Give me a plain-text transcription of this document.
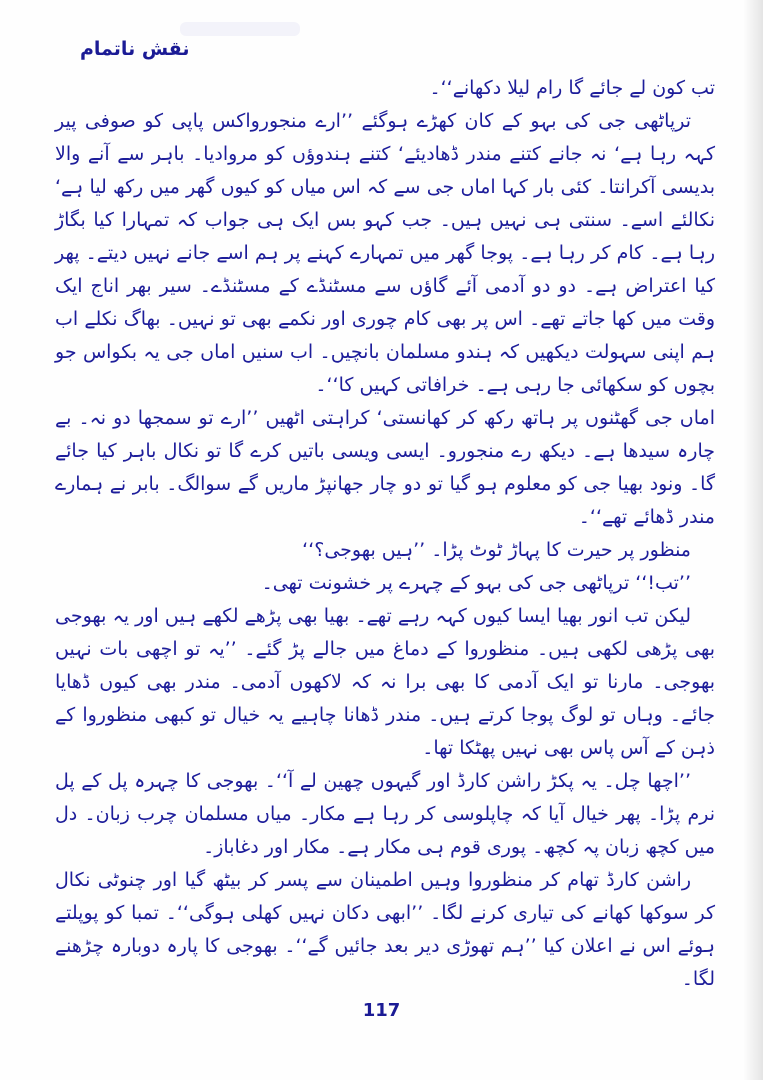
نقش ناتمام

تب کون لے جائے گا رام لیلا دکھانے‘‘۔

ترپاٹھی جی کی بہو کے کان کھڑے ہوگئے ’’ارے منجورواکس پاپی کو صوفی پیر کہہ رہا ہے‘ نہ جانے کتنے مندر ڈھادیئے‘ کتنے ہندوؤں کو مروادیا۔ باہر سے آنے والا بدیسی آکرانتا۔ کئی بار کہا اماں جی سے کہ اس میاں کو کیوں گھر میں رکھ لیا ہے‘ نکالئے اسے۔ سنتی ہی نہیں ہیں۔ جب کہو بس ایک ہی جواب کہ تمہارا کیا بگاڑ رہا ہے۔ کام کر رہا ہے۔ پوجا گھر میں تمہارے کہنے پر ہم اسے جانے نہیں دیتے۔ پھر کیا اعتراض ہے۔ دو دو آدمی آئے گاؤں سے مسٹنڈے کے مسٹنڈے۔ سیر بھر اناج ایک وقت میں کھا جاتے تھے۔ اس پر بھی کام چوری اور نکمے بھی تو نہیں۔ بھاگ نکلے اب ہم اپنی سہولت دیکھیں کہ ہندو مسلمان بانچیں۔ اب سنیں اماں جی یہ بکواس جو بچوں کو سکھائی جا رہی ہے۔ خرافاتی کہیں کا‘‘۔

اماں جی گھٹنوں پر ہاتھ رکھ کر کھانستی‘ کراہتی اٹھیں ’’ارے تو سمجھا دو نہ۔ بے چارہ سیدھا ہے۔ دیکھ رے منجورو۔ ایسی ویسی باتیں کرے گا تو نکال باہر کیا جائے گا۔ ونود بھیا جی کو معلوم ہو گیا تو دو چار جھانپڑ ماریں گے سوالگ۔ بابر نے ہمارے مندر ڈھائے تھے‘‘۔

منظور پر حیرت کا پہاڑ ٹوٹ پڑا۔ ’’ہیں بھوجی؟‘‘

’’تب!‘‘ ترپاٹھی جی کی بہو کے چہرے پر خشونت تھی۔

لیکن تب انور بھیا ایسا کیوں کہہ رہے تھے۔ بھیا بھی پڑھے لکھے ہیں اور یہ بھوجی بھی پڑھی لکھی ہیں۔ منظوروا کے دماغ میں جالے پڑ گئے۔ ’’یہ تو اچھی بات نہیں بھوجی۔ مارنا تو ایک آدمی کا بھی برا نہ کہ لاکھوں آدمی۔ مندر بھی کیوں ڈھایا جائے۔ وہاں تو لوگ پوجا کرتے ہیں۔ مندر ڈھانا چاہیے یہ خیال تو کبھی منظوروا کے ذہن کے آس پاس بھی نہیں پھٹکا تھا۔

’’اچھا چل۔ یہ پکڑ راشن کارڈ اور گیہوں چھین لے آ‘‘۔ بھوجی کا چہرہ پل کے پل نرم پڑا۔ پھر خیال آیا کہ چاپلوسی کر رہا ہے مکار۔ میاں مسلمان چرب زبان۔ دل میں کچھ زبان پہ کچھ۔ پوری قوم ہی مکار ہے۔ مکار اور دغاباز۔

راشن کارڈ تھام کر منظوروا وہیں اطمینان سے پسر کر بیٹھ گیا اور چنوٹی نکال کر سوکھا کھانے کی تیاری کرنے لگا۔ ’’ابھی دکان نہیں کھلی ہوگی‘‘۔ تمبا کو پوپلتے ہوئے اس نے اعلان کیا ’’ہم تھوڑی دیر بعد جائیں گے‘‘۔ بھوجی کا پارہ دوبارہ چڑھنے لگا۔

117
